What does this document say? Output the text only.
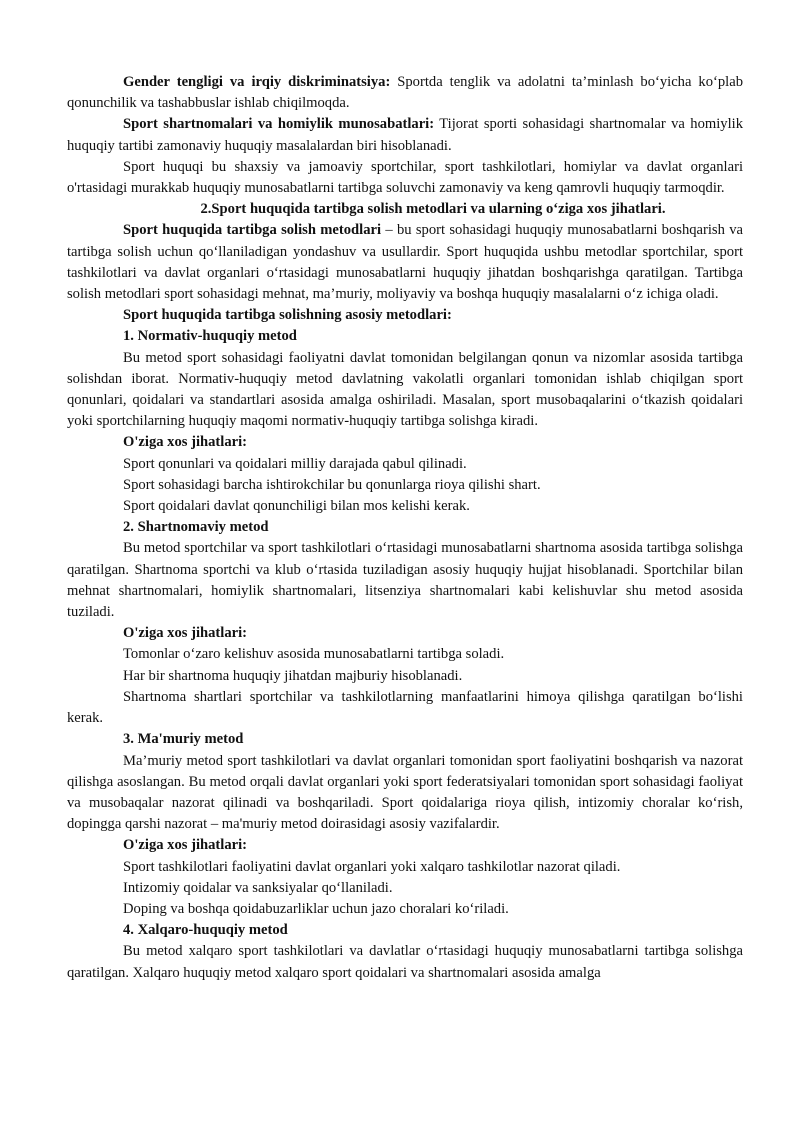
Gender tengligi va irqiy diskriminatsiya: Sportda tenglik va adolatni ta’minlash bo‘yicha ko‘plab qonunchilik va tashabbuslar ishlab chiqilmoqda.

Sport shartnomalari va homiylik munosabatlari: Tijorat sporti sohasidagi shartnomalar va homiylik huquqiy tartibi zamonaviy huquqiy masalalardan biri hisoblanadi.

Sport huquqi bu shaxsiy va jamoaviy sportchilar, sport tashkilotlari, homiylar va davlat organlari o'rtasidagi murakkab huquqiy munosabatlarni tartibga soluvchi zamonaviy va keng qamrovli huquqiy tarmoqdir.

2.Sport huquqida tartibga solish metodlari va ularning o‘ziga xos jihatlari.

Sport huquqida tartibga solish metodlari – bu sport sohasidagi huquqiy munosabatlarni boshqarish va tartibga solish uchun qo‘llaniladigan yondashuv va usullardir. Sport huquqida ushbu metodlar sportchilar, sport tashkilotlari va davlat organlari o‘rtasidagi munosabatlarni huquqiy jihatdan boshqarishga qaratilgan. Tartibga solish metodlari sport sohasidagi mehnat, ma’muriy, moliyaviy va boshqa huquqiy masalalarni o‘z ichiga oladi.

Sport huquqida tartibga solishning asosiy metodlari:

1. Normativ-huquqiy metod

Bu metod sport sohasidagi faoliyatni davlat tomonidan belgilangan qonun va nizomlar asosida tartibga solishdan iborat. Normativ-huquqiy metod davlatning vakolatli organlari tomonidan ishlab chiqilgan sport qonunlari, qoidalari va standartlari asosida amalga oshiriladi. Masalan, sport musobaqalarini o‘tkazish qoidalari yoki sportchilarning huquqiy maqomi normativ-huquqiy tartibga solishga kiradi.

O'ziga xos jihatlari:

Sport qonunlari va qoidalari milliy darajada qabul qilinadi.

Sport sohasidagi barcha ishtirokchilar bu qonunlarga rioya qilishi shart.

Sport qoidalari davlat qonunchiligi bilan mos kelishi kerak.

2. Shartnomaviy metod

Bu metod sportchilar va sport tashkilotlari o‘rtasidagi munosabatlarni shartnoma asosida tartibga solishga qaratilgan. Shartnoma sportchi va klub o‘rtasida tuziladigan asosiy huquqiy hujjat hisoblanadi. Sportchilar bilan mehnat shartnomalari, homiylik shartnomalari, litsenziya shartnomalari kabi kelishuvlar shu metod asosida tuziladi.

O'ziga xos jihatlari:

Tomonlar o‘zaro kelishuv asosida munosabatlarni tartibga soladi.

Har bir shartnoma huquqiy jihatdan majburiy hisoblanadi.

Shartnoma shartlari sportchilar va tashkilotlarning manfaatlarini himoya qilishga qaratilgan bo‘lishi kerak.

3. Ma'muriy metod

Ma’muriy metod sport tashkilotlari va davlat organlari tomonidan sport faoliyatini boshqarish va nazorat qilishga asoslangan. Bu metod orqali davlat organlari yoki sport federatsiyalari tomonidan sport sohasidagi faoliyat va musobaqalar nazorat qilinadi va boshqariladi. Sport qoidalariga rioya qilish, intizomiy choralar ko‘rish, dopingga qarshi nazorat – ma'muriy metod doirasidagi asosiy vazifalardir.

O'ziga xos jihatlari:

Sport tashkilotlari faoliyatini davlat organlari yoki xalqaro tashkilotlar nazorat qiladi.

Intizomiy qoidalar va sanksiyalar qo‘llaniladi.

Doping va boshqa qoidabuzarliklar uchun jazo choralari ko‘riladi.

4. Xalqaro-huquqiy metod

Bu metod xalqaro sport tashkilotlari va davlatlar o‘rtasidagi huquqiy munosabatlarni tartibga solishga qaratilgan. Xalqaro huquqiy metod xalqaro sport qoidalari va shartnomalari asosida amalga
